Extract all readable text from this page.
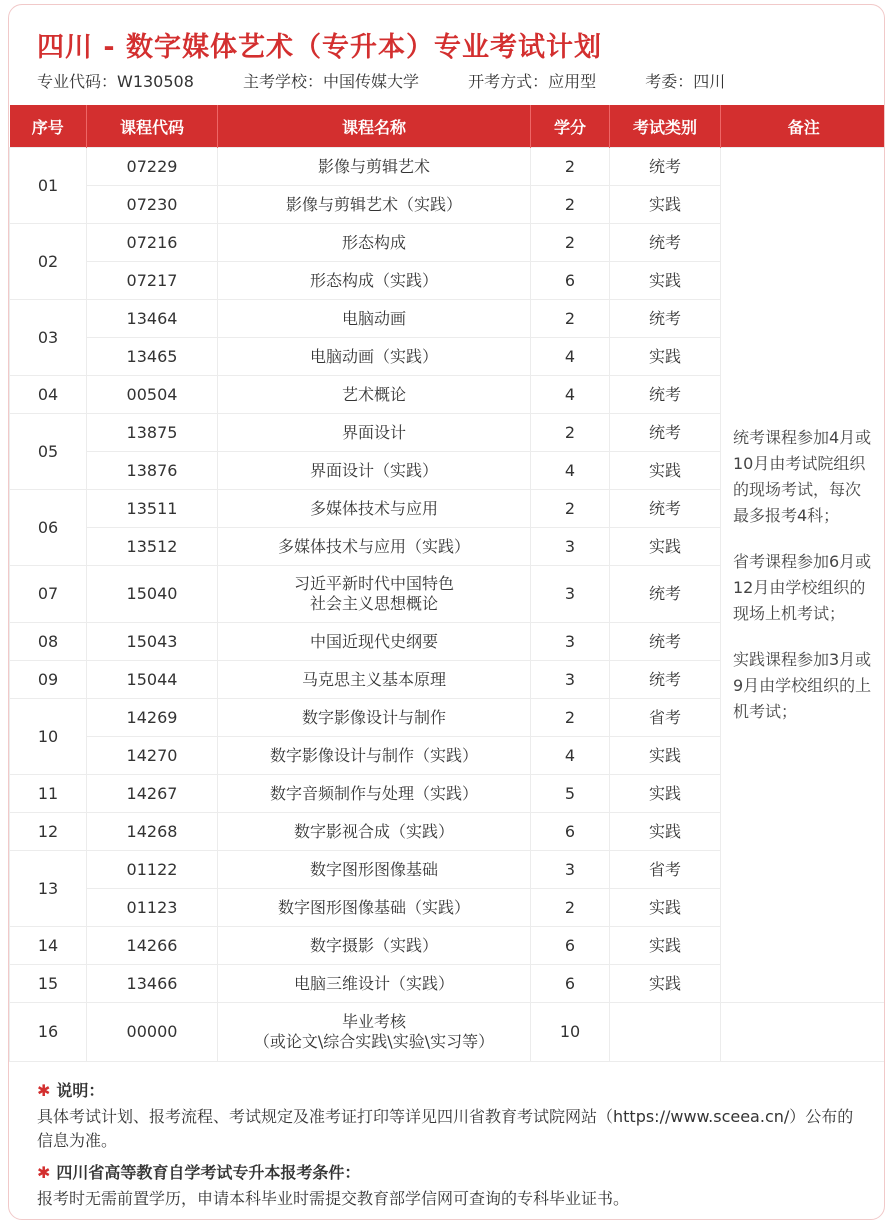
四川 - 数字媒体艺术（专升本）专业考试计划
专业代码：W130508	主考学校：中国传媒大学	开考方式：应用型	考委：四川
序号	课程代码	课程名称	学分	考试类别	备注
01	07229	影像与剪辑艺术	2	统考	统考课程参加4月或10月由考试院组织的现场考试，每次最多报考4科；

省考课程参加6月或12月由学校组织的现场上机考试；

实践课程参加3月或9月由学校组织的上机考试；

	07230	影像与剪辑艺术（实践）	2	实践	
02	07216	形态构成	2	统考	
	07217	形态构成（实践）	6	实践	
03	13464	电脑动画	2	统考	
	13465	电脑动画（实践）	4	实践	
04	00504	艺术概论	4	统考	
05	13875	界面设计	2	统考	
	13876	界面设计（实践）	4	实践	
06	13511	多媒体技术与应用	2	统考	
	13512	多媒体技术与应用（实践）	3	实践	
07	15040	习近平新时代中国特色
社会主义思想概论	3	统考	
08	15043	中国近现代史纲要	3	统考	
09	15044	马克思主义基本原理	3	统考	
10	14269	数字影像设计与制作	2	省考	
	14270	数字影像设计与制作（实践）	4	实践	
11	14267	数字音频制作与处理（实践）	5	实践	
12	14268	数字影视合成（实践）	6	实践	
13	01122	数字图形图像基础	3	省考	
	01123	数字图形图像基础（实践）	2	实践	
14	14266	数字摄影（实践）	6	实践	
15	13466	电脑三维设计（实践）	6	实践	
16	00000	毕业考核
（或论文\综合实践\实验\实习等）	10		
✱ 说明：
具体考试计划、报考流程、考试规定及准考证打印等详见四川省教育考试院网站（https://www.sceea.cn/）公布的信息为准。
✱ 四川省高等教育自学考试专升本报考条件：
报考时无需前置学历，申请本科毕业时需提交教育部学信网可查询的专科毕业证书。
